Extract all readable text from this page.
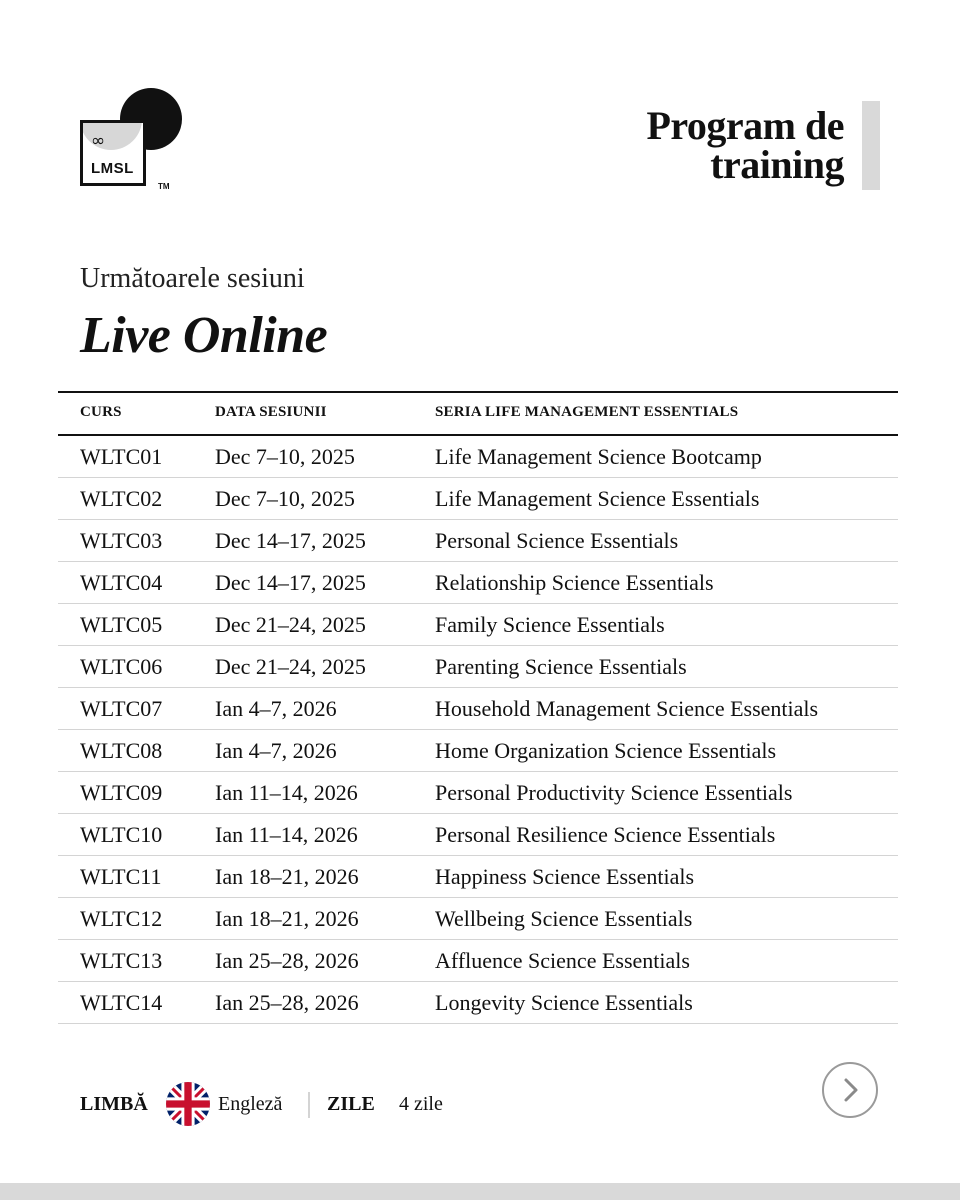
∞
LMSL
TM
Program de
training
Următoarele sesiuni
Live Online
CURS	DATA SESIUNII	SERIA LIFE MANAGEMENT ESSENTIALS
WLTC01 Dec 7–10, 2025	Life Management Science Bootcamp
WLTC02 Dec 7–10, 2025	Life Management Science Essentials
WLTC03 Dec 14–17, 2025	Personal Science Essentials
WLTC04 Dec 14–17, 2025	Relationship Science Essentials
WLTC05 Dec 21–24, 2025	Family Science Essentials
WLTC06 Dec 21–24, 2025	Parenting Science Essentials
WLTC07 Ian 4–7, 2026	Household Management Science Essentials
WLTC08 Ian 4–7, 2026	Home Organization Science Essentials
WLTC09 Ian 11–14, 2026	Personal Productivity Science Essentials
WLTC10 Ian 11–14, 2026	Personal Resilience Science Essentials
WLTC11 Ian 18–21, 2026	Happiness Science Essentials
WLTC12 Ian 18–21, 2026	Wellbeing Science Essentials
WLTC13 Ian 25–28, 2026	Affluence Science Essentials
WLTC14 Ian 25–28, 2026	Longevity Science Essentials
LIMBĂ	Engleză ZILE 4 zile
